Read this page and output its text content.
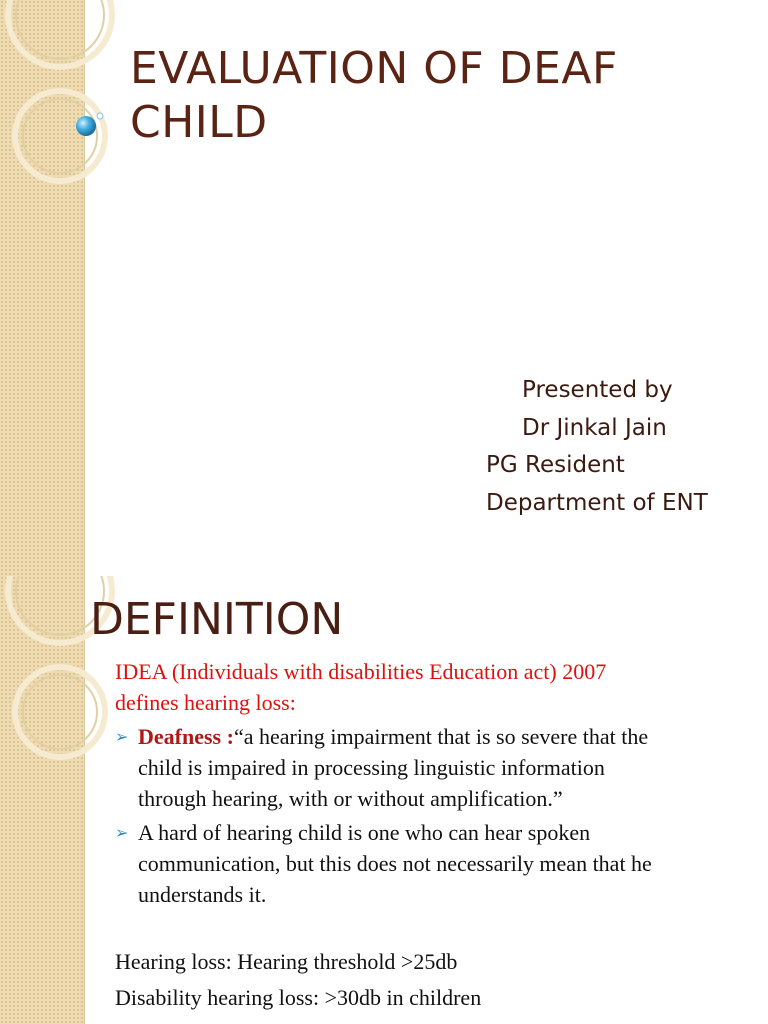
EVALUATION OF DEAF
CHILD
Presented by
Dr Jinkal Jain
PG Resident
Department of ENT
DEFINITION
IDEA (Individuals with disabilities Education act) 2007
defines hearing loss:
➢ Deafness :“a hearing impairment that is so severe that the
child is impaired in processing linguistic information
through hearing, with or without amplification.”
➢ A hard of hearing child is one who can hear spoken
communication, but this does not necessarily mean that he
understands it.
Hearing loss: Hearing threshold >25db
Disability hearing loss: >30db in children
